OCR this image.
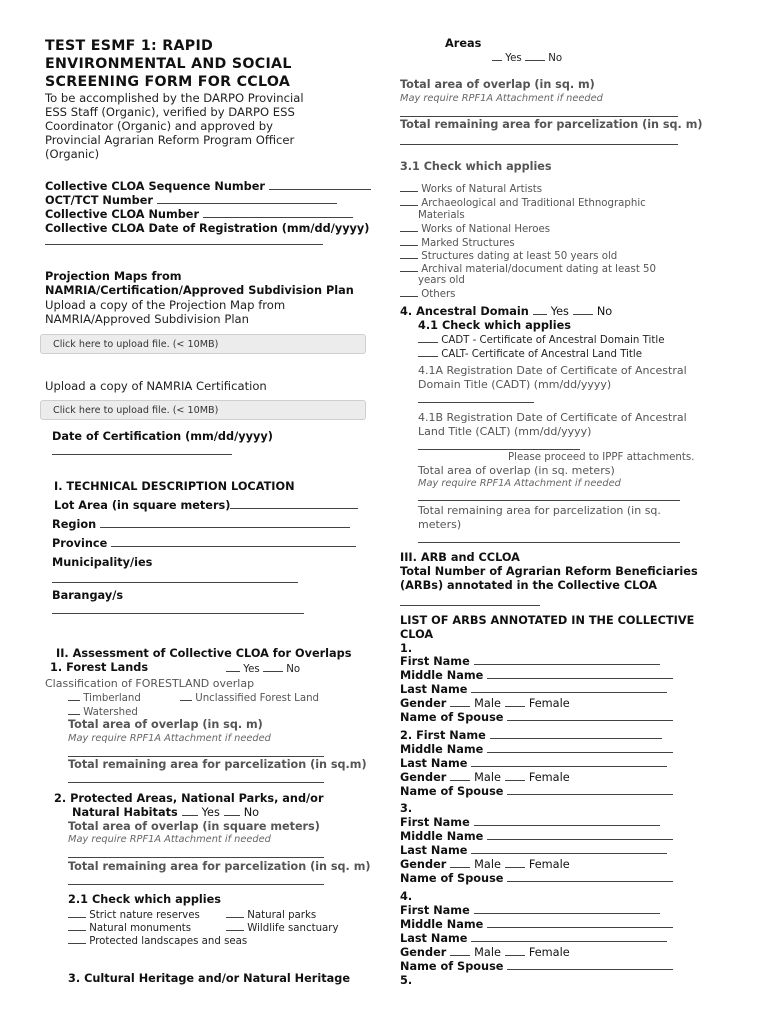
TEST ESMF 1: RAPID
ENVIRONMENTAL AND SOCIAL
SCREENING FORM FOR CCLOA
To be accomplished by the DARPO Provincial
ESS Staff (Organic), verified by DARPO ESS
Coordinator (Organic) and approved by
Provincial Agrarian Reform Program Officer
(Organic)
Collective CLOA Sequence Number
OCT/TCT Number
Collective CLOA Number
Collective CLOA Date of Registration (mm/dd/yyyy)
Projection Maps from
NAMRIA/Certification/Approved Subdivision Plan
Upload a copy of the Projection Map from
NAMRIA/Approved Subdivision Plan
Click here to upload file. (< 10MB)
Upload a copy of NAMRIA Certification
Click here to upload file. (< 10MB)
Date of Certification (mm/dd/yyyy)
I. TECHNICAL DESCRIPTION LOCATION
Lot Area (in square meters)
Region
Province
Municipality/ies
Barangay/s
II. Assessment of Collective CLOA for Overlaps
1. Forest Lands	Yes	No
Classification of FORESTLAND overlap
Timberland	Unclassified Forest Land
Watershed
Total area of overlap (in sq. m)
May require RPF1A Attachment if needed
Total remaining area for parcelization (in sq.m)
2. Protected Areas, National Parks, and/or
Natural Habitats Yes No
Total area of overlap (in square meters)
May require RPF1A Attachment if needed
Total remaining area for parcelization (in sq. m)
2.1 Check which applies
Strict nature reserves	Natural parks
Natural monuments	Wildlife sanctuary
Protected landscapes and seas
3. Cultural Heritage and/or Natural Heritage
Areas
Yes	No
Total area of overlap (in sq. m)
May require RPF1A Attachment if needed
Total remaining area for parcelization (in sq. m)
3.1 Check which applies
Works of Natural Artists
Archaeological and Traditional Ethnographic
Materials
Works of National Heroes
Marked Structures
Structures dating at least 50 years old
Archival material/document dating at least 50
years old
Others
4. Ancestral Domain Yes No
4.1 Check which applies
CADT - Certificate of Ancestral Domain Title
CALT- Certificate of Ancestral Land Title
4.1A Registration Date of Certificate of Ancestral
Domain Title (CADT) (mm/dd/yyyy)
4.1B Registration Date of Certificate of Ancestral
Land Title (CALT) (mm/dd/yyyy)
Please proceed to IPPF attachments.
Total area of overlap (in sq. meters)
May require RPF1A Attachment if needed
Total remaining area for parcelization (in sq.
meters)
III. ARB and CCLOA
Total Number of Agrarian Reform Beneficiaries
(ARBs) annotated in the Collective CLOA
LIST OF ARBS ANNOTATED IN THE COLLECTIVE
CLOA
1.
First Name
Middle Name
Last Name
Gender Male Female
Name of Spouse
2. First Name
Middle Name
Last Name
Gender Male Female
Name of Spouse
3.
First Name
Middle Name
Last Name
Gender Male Female
Name of Spouse
4.
First Name
Middle Name
Last Name
Gender Male Female
Name of Spouse
5.
